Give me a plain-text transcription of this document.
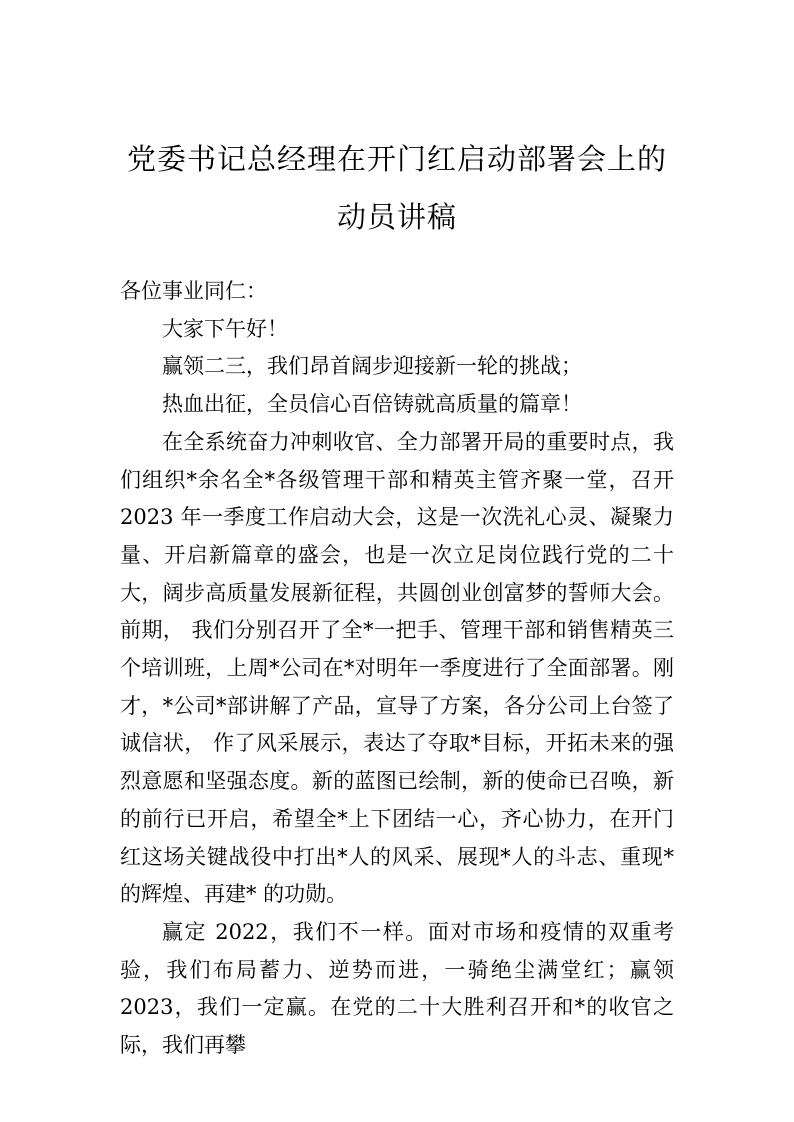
党委书记总经理在开门红启动部署会上的
动员讲稿

各位事业同仁：

大家下午好！

赢领二三，我们昂首阔步迎接新一轮的挑战；

热血出征，全员信心百倍铸就高质量的篇章！

在全系统奋力冲刺收官、全力部署开局的重要时点，我们组织*余名全*各级管理干部和精英主管齐聚一堂，召开 2023 年一季度工作启动大会，这是一次洗礼心灵、凝聚力量、开启新篇章的盛会，也是一次立足岗位践行党的二十大，阔步高质量发展新征程，共圆创业创富梦的誓师大会。前期， 我们分别召开了全*一把手、管理干部和销售精英三个培训班，上周*公司在*对明年一季度进行了全面部署。刚才，*公司*部讲解了产品，宣导了方案，各分公司上台签了诚信状， 作了风采展示，表达了夺取*目标，开拓未来的强烈意愿和坚强态度。新的蓝图已绘制，新的使命已召唤，新的前行已开启，希望全*上下团结一心，齐心协力，在开门红这场关键战役中打出*人的风采、展现*人的斗志、重现*的辉煌、再建* 的功勋。

赢定 2022，我们不一样。面对市场和疫情的双重考验，我们布局蓄力、逆势而进，一骑绝尘满堂红；赢领 2023，我们一定赢。在党的二十大胜利召开和*的收官之际，我们再攀
